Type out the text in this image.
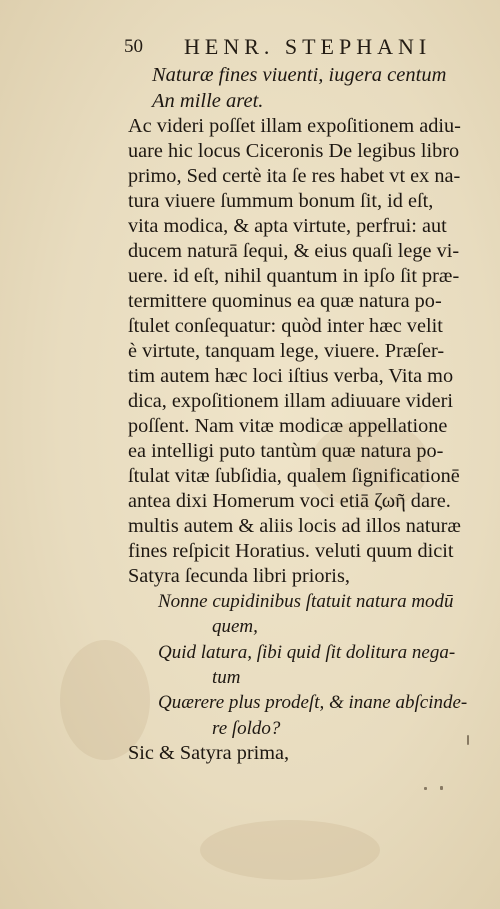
50 HENR. STEPHANI
Naturæ fines viuenti, iugera centum
An mille aret.
Ac videri poſſet illam expoſitionem adiu-
uare hic locus Ciceronis De legibus libro
primo, Sed certè ita ſe res habet vt ex na-
tura viuere ſummum bonum ſit, id eſt,
vita modica, & apta virtute, perfrui: aut
ducem naturā ſequi, & eius quaſi lege vi-
uere. id eſt, nihil quantum in ipſo ſit præ-
termittere quominus ea quæ natura po-
ſtulet conſequatur: quòd inter hæc velit
è virtute, tanquam lege, viuere. Præſer-
tim autem hæc loci iſtius verba, Vita mo
dica, expoſitionem illam adiuuare videri
poſſent. Nam vitæ modicæ appellatione
ea intelligi puto tantùm quæ natura po-
ſtulat vitæ ſubſidia, qualem ſignificationē
antea dixi Homerum voci etiā ζωῆ dare.
multis autem & aliis locis ad illos naturæ
fines reſpicit Horatius. veluti quum dicit
Satyra ſecunda libri prioris,
Nonne cupidinibus ſtatuit natura modū
quem,
Quid latura, ſibi quid ſit dolitura nega-
tum
Quærere plus prodeſt, & inane abſcinde-
re ſoldo?
Sic & Satyra prima,
